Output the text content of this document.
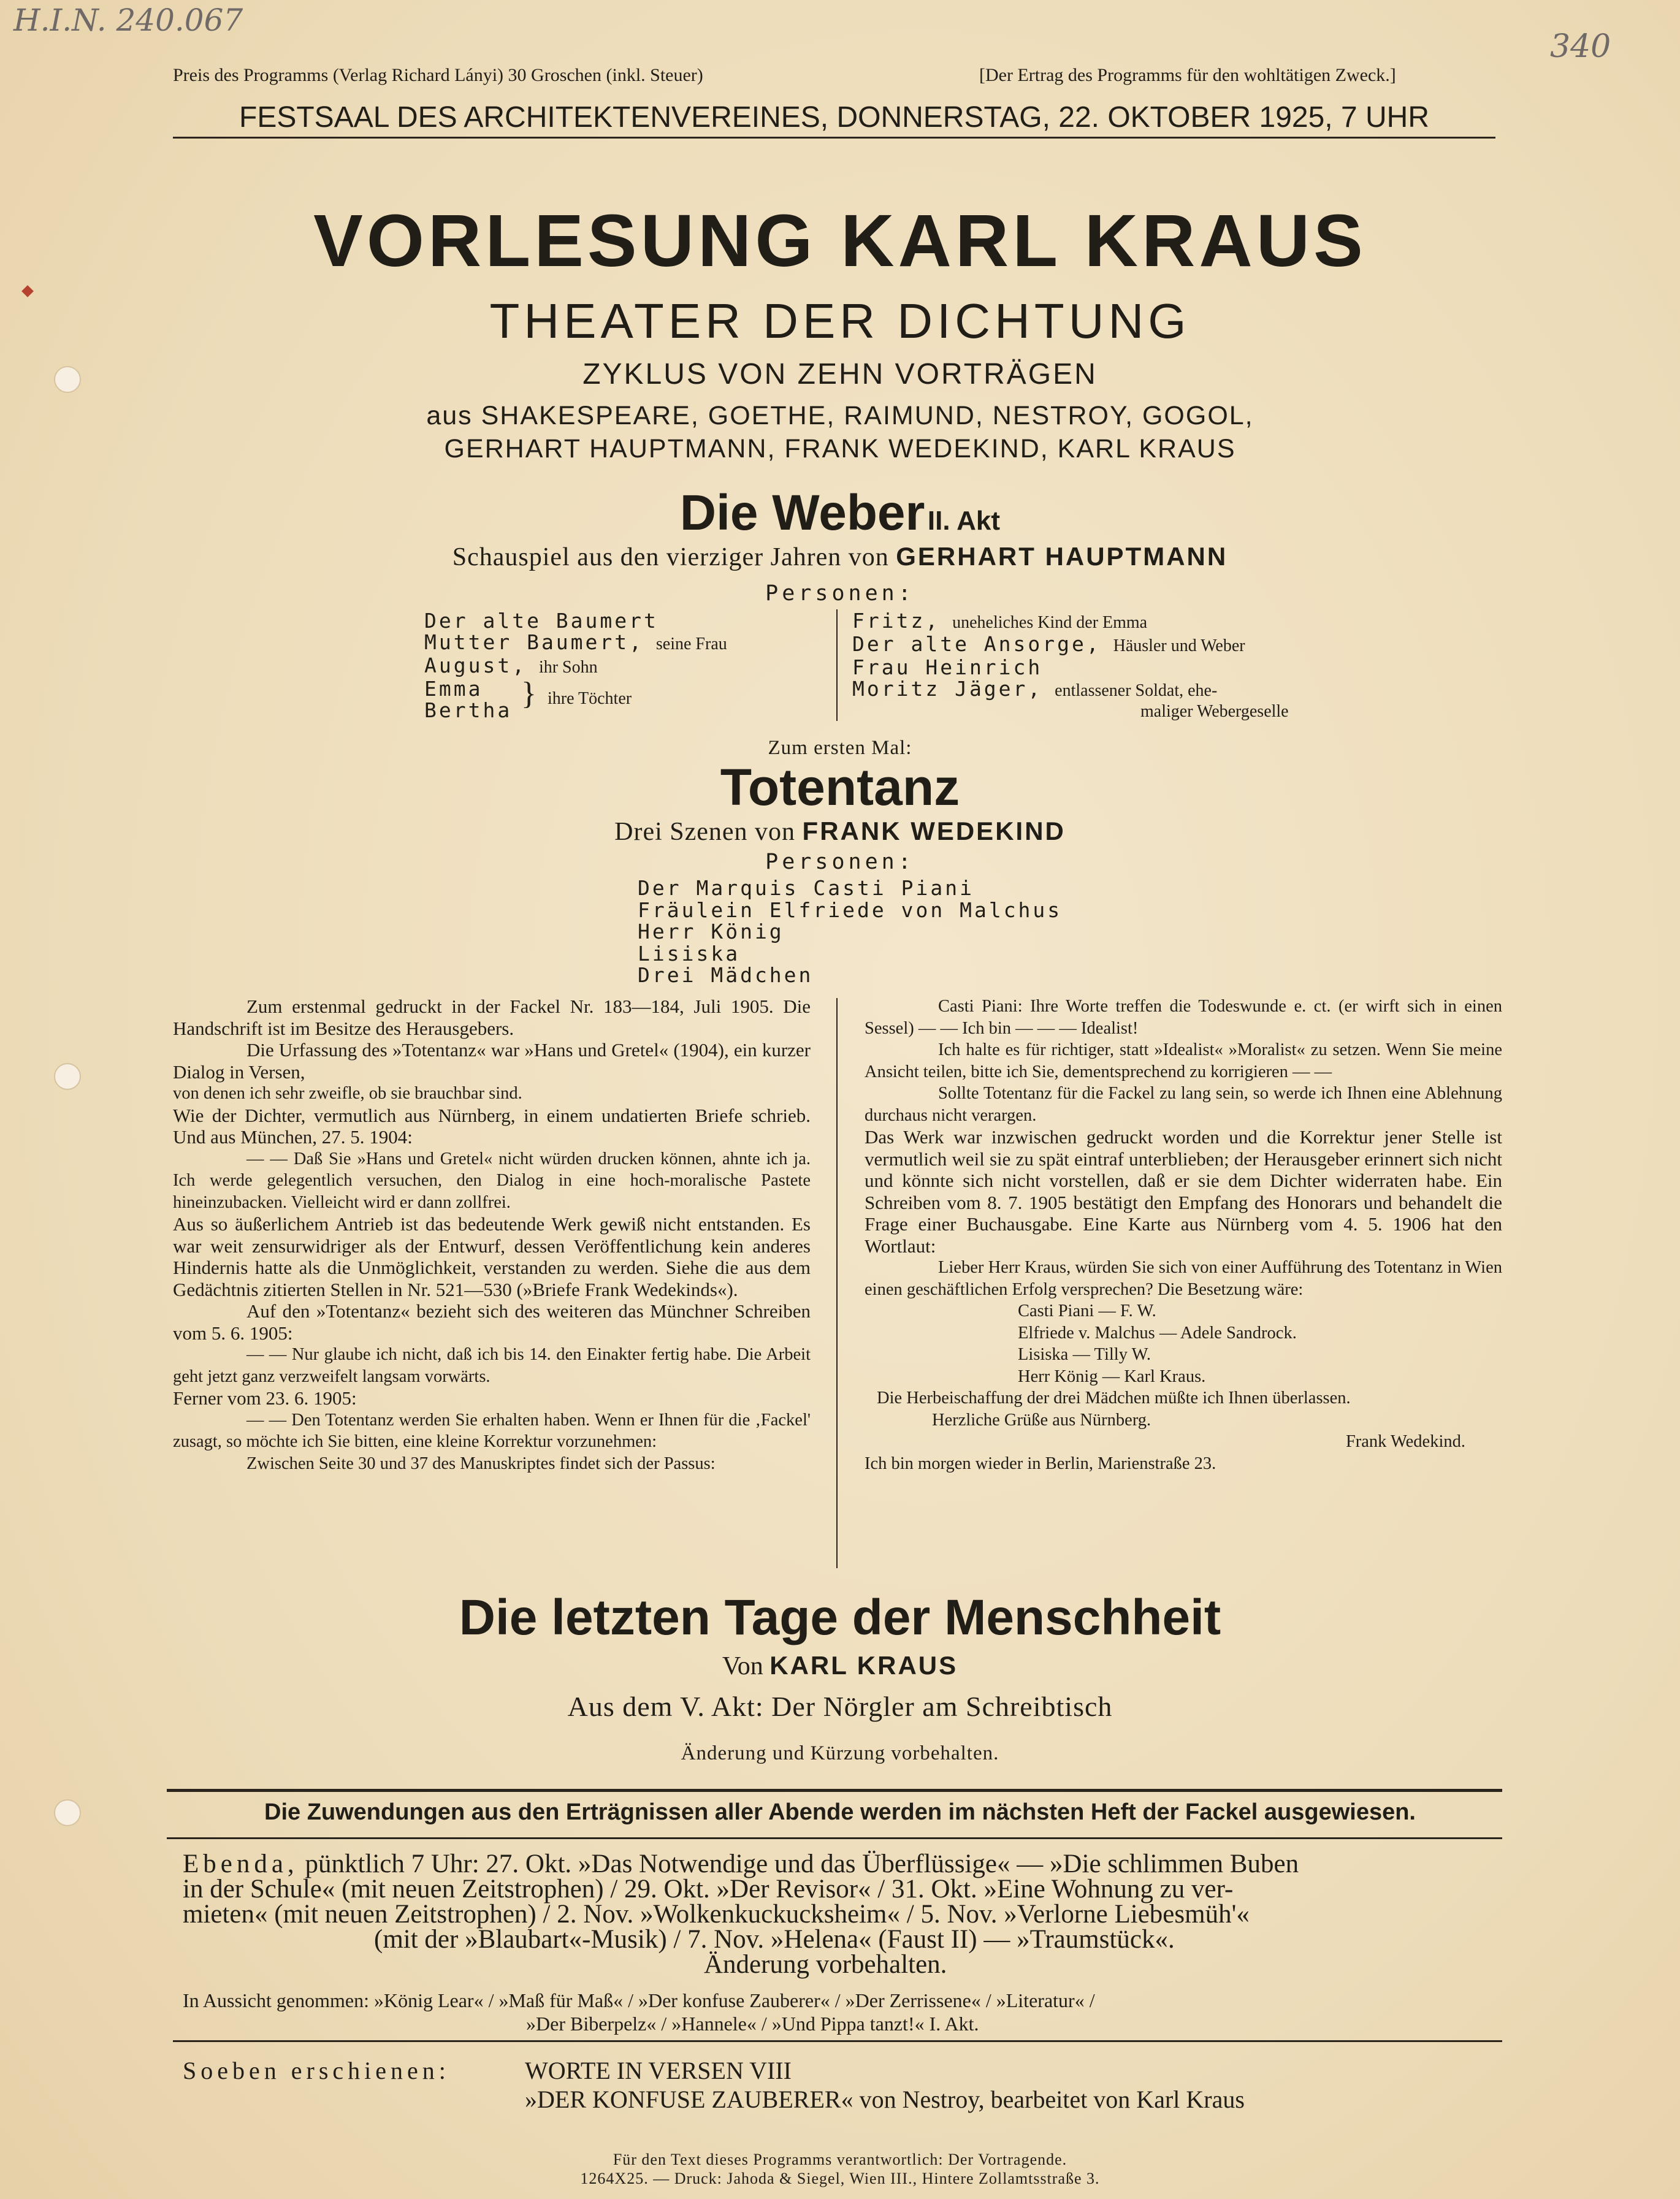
H.I.N. 240.067
340
Preis des Programms (Verlag Richard Lányi) 30 Groschen (inkl. Steuer)	[Der Ertrag des Programms für den wohltätigen Zweck.]
FESTSAAL DES ARCHITEKTENVEREINES, DONNERSTAG, 22. OKTOBER 1925, 7 UHR
VORLESUNG KARL KRAUS
THEATER DER DICHTUNG
ZYKLUS VON ZEHN VORTRÄGEN
aus SHAKESPEARE, GOETHE, RAIMUND, NESTROY, GOGOL,
GERHART HAUPTMANN, FRANK WEDEKIND, KARL KRAUS
Die Weber II. Akt
Schauspiel aus den vierziger Jahren von GERHART HAUPTMANN
Personen:
Der alte Baumert
Mutter Baumert, seine Frau
August, ihr Sohn
Emma
Bertha } ihre Töchter
Fritz, uneheliches Kind der Emma
Der alte Ansorge, Häusler und Weber
Frau Heinrich
Moritz Jäger, entlassener Soldat, ehe-
maliger Webergeselle
Zum ersten Mal:
Totentanz
Drei Szenen von FRANK WEDEKIND
Personen:
Der Marquis Casti Piani
Fräulein Elfriede von Malchus
Herr König
Lisiska
Drei Mädchen

Zum erstenmal gedruckt in der Fackel Nr. 183—184, Juli 1905. Die Handschrift ist im Besitze des Herausgebers.

Die Urfassung des »Totentanz« war »Hans und Gretel« (1904), ein kurzer Dialog in Versen,

von denen ich sehr zweifle, ob sie brauchbar sind.

Wie der Dichter, vermutlich aus Nürnberg, in einem undatierten Briefe schrieb. Und aus München, 27. 5. 1904:

— — Daß Sie »Hans und Gretel« nicht würden drucken können, ahnte ich ja. Ich werde gelegentlich versuchen, den Dialog in eine hoch-moralische Pastete hineinzubacken. Vielleicht wird er dann zollfrei.

Aus so äußerlichem Antrieb ist das bedeutende Werk gewiß nicht entstanden. Es war weit zensurwidriger als der Entwurf, dessen Veröffentlichung kein anderes Hindernis hatte als die Unmöglichkeit, verstanden zu werden. Siehe die aus dem Gedächtnis zitierten Stellen in Nr. 521—530 (»Briefe Frank Wedekinds«).

Auf den »Totentanz« bezieht sich des weiteren das Münchner Schreiben vom 5. 6. 1905:

— — Nur glaube ich nicht, daß ich bis 14. den Einakter fertig habe. Die Arbeit geht jetzt ganz verzweifelt langsam vorwärts.

Ferner vom 23. 6. 1905:

— — Den Totentanz werden Sie erhalten haben. Wenn er Ihnen für die ‚Fackel' zusagt, so möchte ich Sie bitten, eine kleine Korrektur vorzunehmen:

Zwischen Seite 30 und 37 des Manuskriptes findet sich der Passus:

Casti Piani: Ihre Worte treffen die Todeswunde e. ct. (er wirft sich in einen Sessel) — — Ich bin — — — Idealist!

Ich halte es für richtiger, statt »Idealist« »Moralist« zu setzen. Wenn Sie meine Ansicht teilen, bitte ich Sie, dementsprechend zu korrigieren — —

Sollte Totentanz für die Fackel zu lang sein, so werde ich Ihnen eine Ablehnung durchaus nicht verargen.

Das Werk war inzwischen gedruckt worden und die Korrektur jener Stelle ist vermutlich weil sie zu spät eintraf unterblieben; der Herausgeber erinnert sich nicht und könnte sich nicht vorstellen, daß er sie dem Dichter widerraten habe. Ein Schreiben vom 8. 7. 1905 bestätigt den Empfang des Honorars und behandelt die Frage einer Buchausgabe. Eine Karte aus Nürnberg vom 4. 5. 1906 hat den Wortlaut:

Lieber Herr Kraus, würden Sie sich von einer Aufführung des Totentanz in Wien einen geschäftlichen Erfolg versprechen? Die Besetzung wäre:

Casti Piani — F. W.

Elfriede v. Malchus — Adele Sandrock.

Lisiska — Tilly W.

Herr König — Karl Kraus.

Die Herbeischaffung der drei Mädchen müßte ich Ihnen überlassen.

Herzliche Grüße aus Nürnberg.

Frank Wedekind.

Ich bin morgen wieder in Berlin, Marienstraße 23.

Die letzten Tage der Menschheit
Von KARL KRAUS
Aus dem V. Akt: Der Nörgler am Schreibtisch
Änderung und Kürzung vorbehalten.
Die Zuwendungen aus den Erträgnissen aller Abende werden im nächsten Heft der Fackel ausgewiesen.
Ebenda, pünktlich 7 Uhr: 27. Okt. »Das Notwendige und das Überflüssige« — »Die schlimmen Buben
in der Schule« (mit neuen Zeitstrophen) / 29. Okt. »Der Revisor« / 31. Okt. »Eine Wohnung zu ver-
mieten« (mit neuen Zeitstrophen) / 2. Nov. »Wolkenkuckucksheim« / 5. Nov. »Verlorne Liebesmüh'«
(mit der »Blaubart«-Musik) / 7. Nov. »Helena« (Faust II) — »Traumstück«.
Änderung vorbehalten.
In Aussicht genommen: »König Lear« / »Maß für Maß« / »Der konfuse Zauberer« / »Der Zerrissene« / »Literatur« /
»Der Biberpelz« / »Hannele« / »Und Pippa tanzt!« I. Akt.
Soeben erschienen:	WORTE IN VERSEN VIII
»DER KONFUSE ZAUBERER« von Nestroy, bearbeitet von Karl Kraus
Für den Text dieses Programms verantwortlich: Der Vortragende.
1264X25. — Druck: Jahoda & Siegel, Wien III., Hintere Zollamtsstraße 3.
